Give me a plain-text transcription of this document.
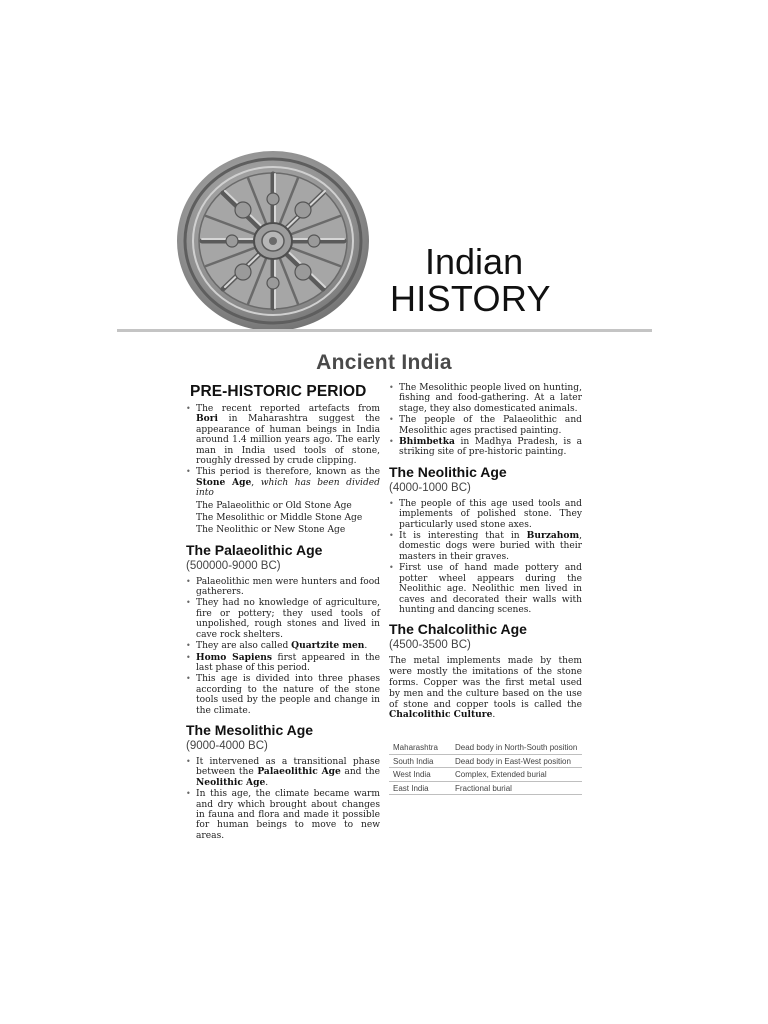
Indian
HISTORY
Ancient India
PRE-HISTORIC PERIOD
• The recent reported artefacts from Bori in Maharashtra suggest the appearance of human beings in India around 1.4 million years ago. The early man in India used tools of stone, roughly dressed by crude clipping.
• This period is therefore, known as the Stone Age, which has been divided into

The Palaeolithic or Old Stone Age

The Mesolithic or Middle Stone Age

The Neolithic or New Stone Age

The Palaeolithic Age

(500000-9000 BC)

• Palaeolithic men were hunters and food gatherers.
• They had no knowledge of agriculture, fire or pottery; they used tools of unpolished, rough stones and lived in cave rock shelters.
• They are also called Quartzite men.
• Homo Sapiens first appeared in the last phase of this period.
• This age is divided into three phases according to the nature of the stone tools used by the people and change in the climate.
The Mesolithic Age

(9000-4000 BC)

• It intervened as a transitional phase between the Palaeolithic Age and the Neolithic Age.
• In this age, the climate became warm and dry which brought about changes in fauna and flora and made it possible for human beings to move to new areas.
• The Mesolithic people lived on hunting, fishing and food-gathering. At a later stage, they also domesticated animals.
• The people of the Palaeolithic and Mesolithic ages practised painting.
• Bhimbetka in Madhya Pradesh, is a striking site of pre-historic painting.
The Neolithic Age

(4000-1000 BC)

• The people of this age used tools and implements of polished stone. They particularly used stone axes.
• It is interesting that in Burzahom, domestic dogs were buried with their masters in their graves.
• First use of hand made pottery and potter wheel appears during the Neolithic age. Neolithic men lived in caves and decorated their walls with hunting and dancing scenes.
The Chalcolithic Age

(4500-3500 BC)

The metal implements made by them were mostly the imitations of the stone forms. Copper was the first metal used by men and the culture based on the use of stone and copper tools is called the Chalcolithic Culture.

Maharashtra	Dead body in North-South position
South India	Dead body in East-West position
West India	Complex, Extended burial
East India	Fractional burial
